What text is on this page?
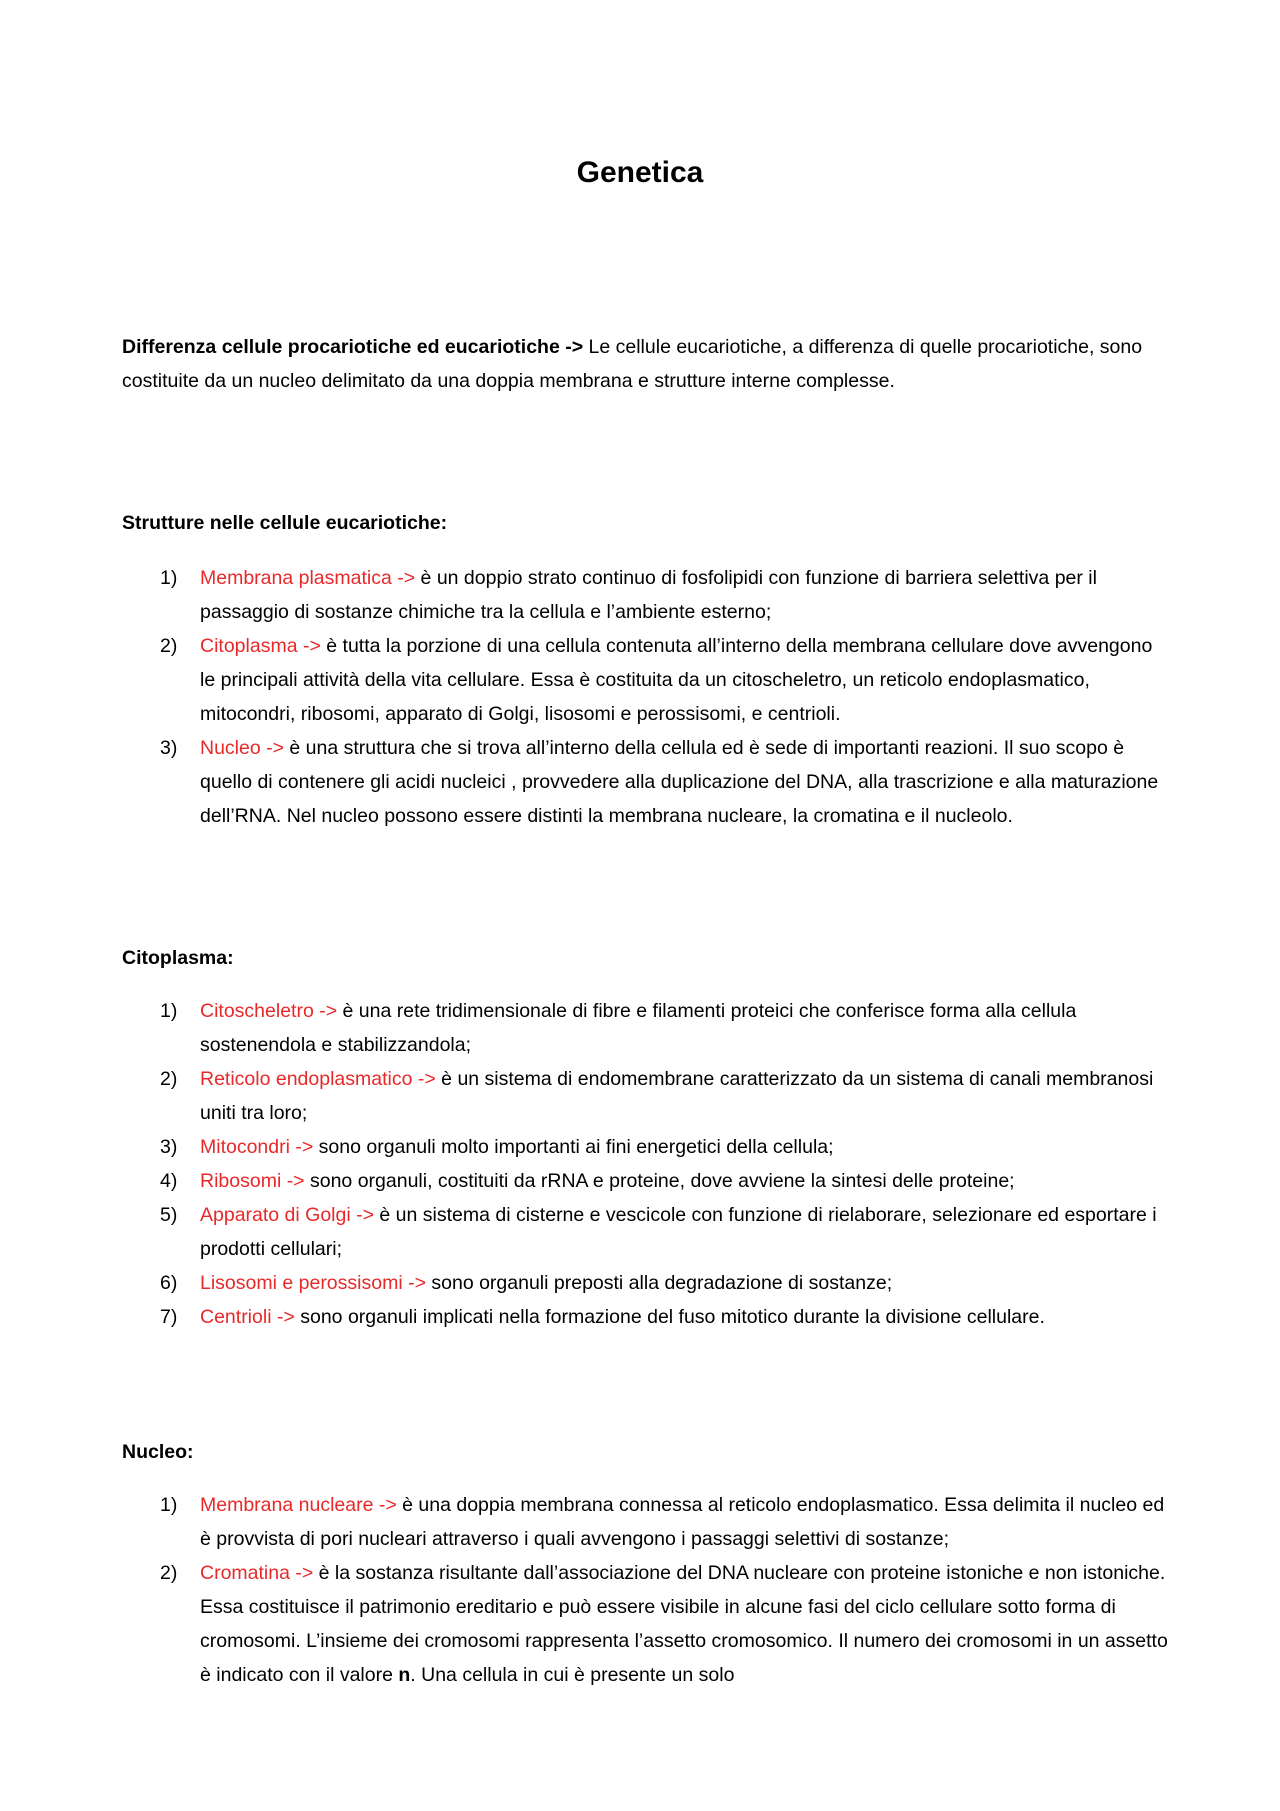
Genetica

Differenza cellule procariotiche ed eucariotiche -> Le cellule eucariotiche, a differenza di quelle procariotiche, sono costituite da un nucleo delimitato da una doppia membrana e strutture interne complesse.

Strutture nelle cellule eucariotiche:

1) Membrana plasmatica -> è un doppio strato continuo di fosfolipidi con funzione di barriera selettiva per il passaggio di sostanze chimiche tra la cellula e l’ambiente esterno;
2) Citoplasma -> è tutta la porzione di una cellula contenuta all’interno della membrana cellulare dove avvengono le principali attività della vita cellulare. Essa è costituita da un citoscheletro, un reticolo endoplasmatico, mitocondri, ribosomi, apparato di Golgi, lisosomi e perossisomi, e centrioli.
3) Nucleo -> è una struttura che si trova all’interno della cellula ed è sede di importanti reazioni. Il suo scopo è quello di contenere gli acidi nucleici , provvedere alla duplicazione del DNA, alla trascrizione e alla maturazione dell’RNA. Nel nucleo possono essere distinti la membrana nucleare, la cromatina e il nucleolo.

Citoplasma:

1) Citoscheletro -> è una rete tridimensionale di fibre e filamenti proteici che conferisce forma alla cellula sostenendola e stabilizzandola;
2) Reticolo endoplasmatico -> è un sistema di endomembrane caratterizzato da un sistema di canali membranosi uniti tra loro;
3) Mitocondri -> sono organuli molto importanti ai fini energetici della cellula;
4) Ribosomi -> sono organuli, costituiti da rRNA e proteine, dove avviene la sintesi delle proteine;
5) Apparato di Golgi -> è un sistema di cisterne e vescicole con funzione di rielaborare, selezionare ed esportare i prodotti cellulari;
6) Lisosomi e perossisomi -> sono organuli preposti alla degradazione di sostanze;
7) Centrioli -> sono organuli implicati nella formazione del fuso mitotico durante la divisione cellulare.

Nucleo:

1) Membrana nucleare -> è una doppia membrana connessa al reticolo endoplasmatico. Essa delimita il nucleo ed è provvista di pori nucleari attraverso i quali avvengono i passaggi selettivi di sostanze;
2) Cromatina -> è la sostanza risultante dall’associazione del DNA nucleare con proteine istoniche e non istoniche. Essa costituisce il patrimonio ereditario e può essere visibile in alcune fasi del ciclo cellulare sotto forma di cromosomi. L’insieme dei cromosomi rappresenta l’assetto cromosomico. Il numero dei cromosomi in un assetto è indicato con il valore n. Una cellula in cui è presente un solo
